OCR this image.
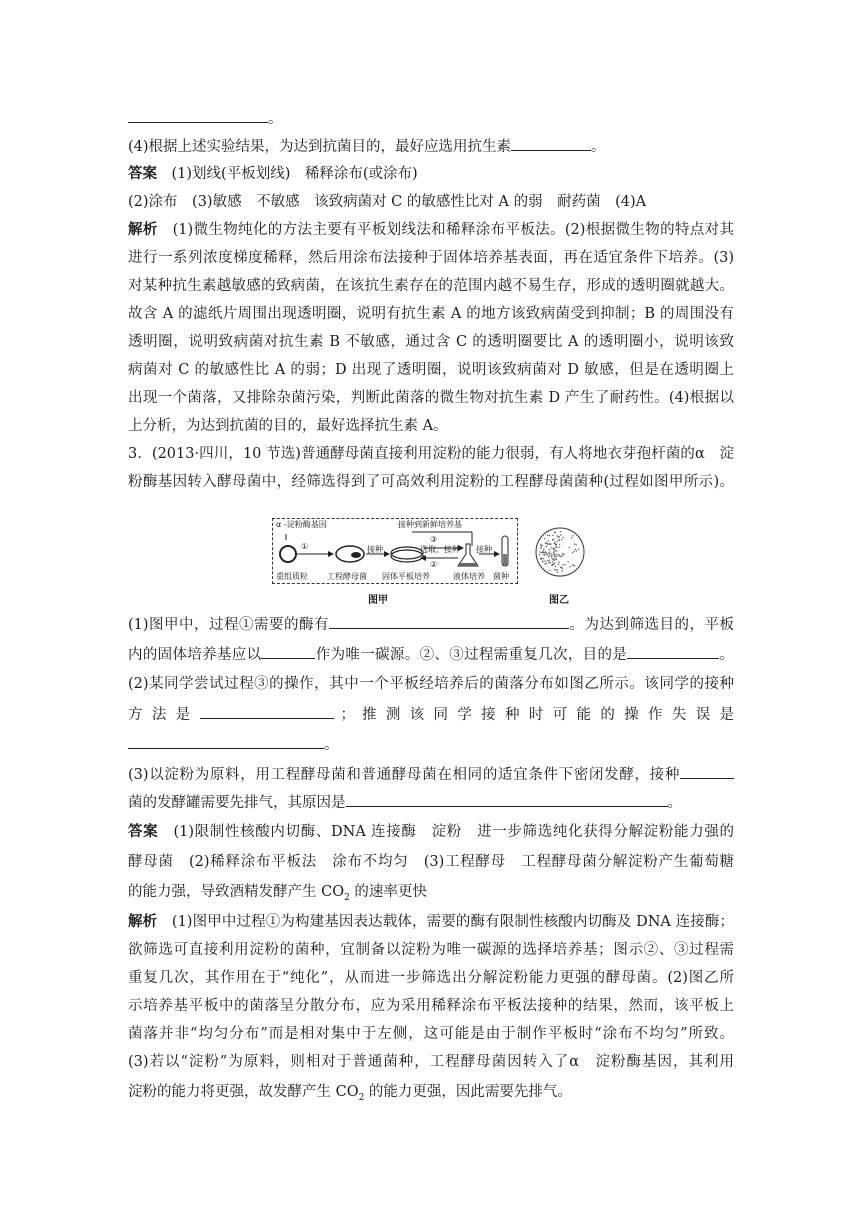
。
(4)根据上述实验结果，为达到抗菌目的，最好应选用抗生素	。
答案　 (1)划线(平板划线)　稀释涂布(或涂布)
(2)涂布　(3)敏感　不敏感　该致病菌对 C 的敏感性比对 A 的弱　耐药菌　(4)A
解析　 (1)微生物纯化的方法主要有平板划线法和稀释涂布平板法。(2)根据微生物的特点对其
进行一系列浓度梯度稀释，然后用涂布法接种于固体培养基表面，再在适宜条件下培养。(3)
对某种抗生素越敏感的致病菌，在该抗生素存在的范围内越不易生存，形成的透明圈就越大。
故含 A 的滤纸片周围出现透明圈，说明有抗生素 A 的地方该致病菌受到抑制；B 的周围没有
透明圈，说明致病菌对抗生素 B 不敏感，通过含 C 的透明圈要比 A 的透明圈小，说明该致
病菌对 C 的敏感性比 A 的弱；D 出现了透明圈，说明该致病菌对 D 敏感，但是在透明圈上
出现一个菌落，又排除杂菌污染，判断此菌落的微生物对抗生素 D 产生了耐药性。(4)根据以
上分析，为达到抗菌的目的，最好选择抗生素 A。
3．(2013·四川，10 节选)普通酵母菌直接利用淀粉的能力很弱，有人将地衣芽孢杆菌的α　淀
粉酶基因转入酵母菌中，经筛选得到了可高效利用淀粉的工程酵母菌菌种(过程如图甲所示)。
α -淀粉酶基因
①
接种到新鲜培养基
③
选取、接种
②
接种	接种
重组质粒 工程酵母菌 固体平板培养	液体培养 菌种
图甲	图乙
(1)图甲中，过程①需要的酶有	。为达到筛选目的，平板
内的固体培养基应以	作为唯一碳源。②、③过程需重复几次，目的是	。
(2)某同学尝试过程③的操作，其中一个平板经培养后的菌落分布如图乙所示。该同学的接种
方 法 是	； 推 测 该 同 学 接 种 时 可 能 的 操 作 失 误 是
。
(3)以淀粉为原料，用工程酵母菌和普通酵母菌在相同的适宜条件下密闭发酵，接种
菌的发酵罐需要先排气，其原因是	。
答案　 (1)限制性核酸内切酶、DNA 连接酶　淀粉　进一步筛选纯化获得分解淀粉能力强的
酵母菌　(2)稀释涂布平板法　涂布不均匀　(3)工程酵母　工程酵母菌分解淀粉产生葡萄糖
的能力强，导致酒精发酵产生 $CO_2$ 的速率更快
解析　 (1)图甲中过程①为构建基因表达载体，需要的酶有限制性核酸内切酶及 DNA 连接酶；
欲筛选可直接利用淀粉的菌种，宜制备以淀粉为唯一碳源的选择培养基；图示②、③过程需
重复几次，其作用在于“纯化”，从而进一步筛选出分解淀粉能力更强的酵母菌。(2)图乙所
示培养基平板中的菌落呈分散分布，应为采用稀释涂布平板法接种的结果，然而，该平板上
菌落并非“均匀分布”而是相对集中于左侧，这可能是由于制作平板时“涂布不均匀”所致。
(3)若以“淀粉”为原料，则相对于普通菌种，工程酵母菌因转入了α　淀粉酶基因，其利用
淀粉的能力将更强，故发酵产生 $CO_2$ 的能力更强，因此需要先排气。
